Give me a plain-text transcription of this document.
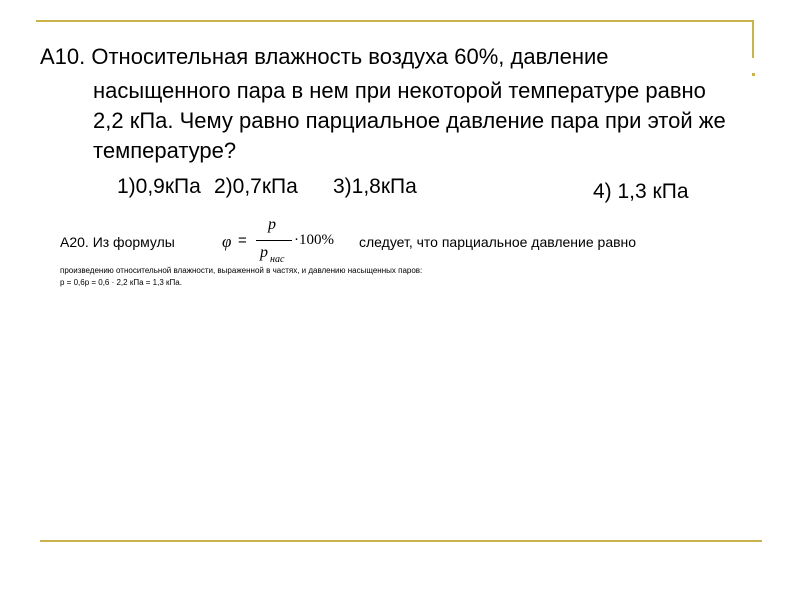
А10. Относительная влажность воздуха 60%, давление
насыщенного пара в нем при некоторой температуре равно
2,2 кПа. Чему равно парциальное давление пара при этой же
температуре?
1)0,9кПа 2)0,7кПа 3)1,8кПа	4) 1,3 кПа
А20. Из формулы	φ =
p
p нас
·100% следует, что парциальное давление равно
произведению относительной влажности, выраженной в частях, и давлению насыщенных паров:
p = 0,6p = 0,6 · 2,2 кПа = 1,3 кПа.
